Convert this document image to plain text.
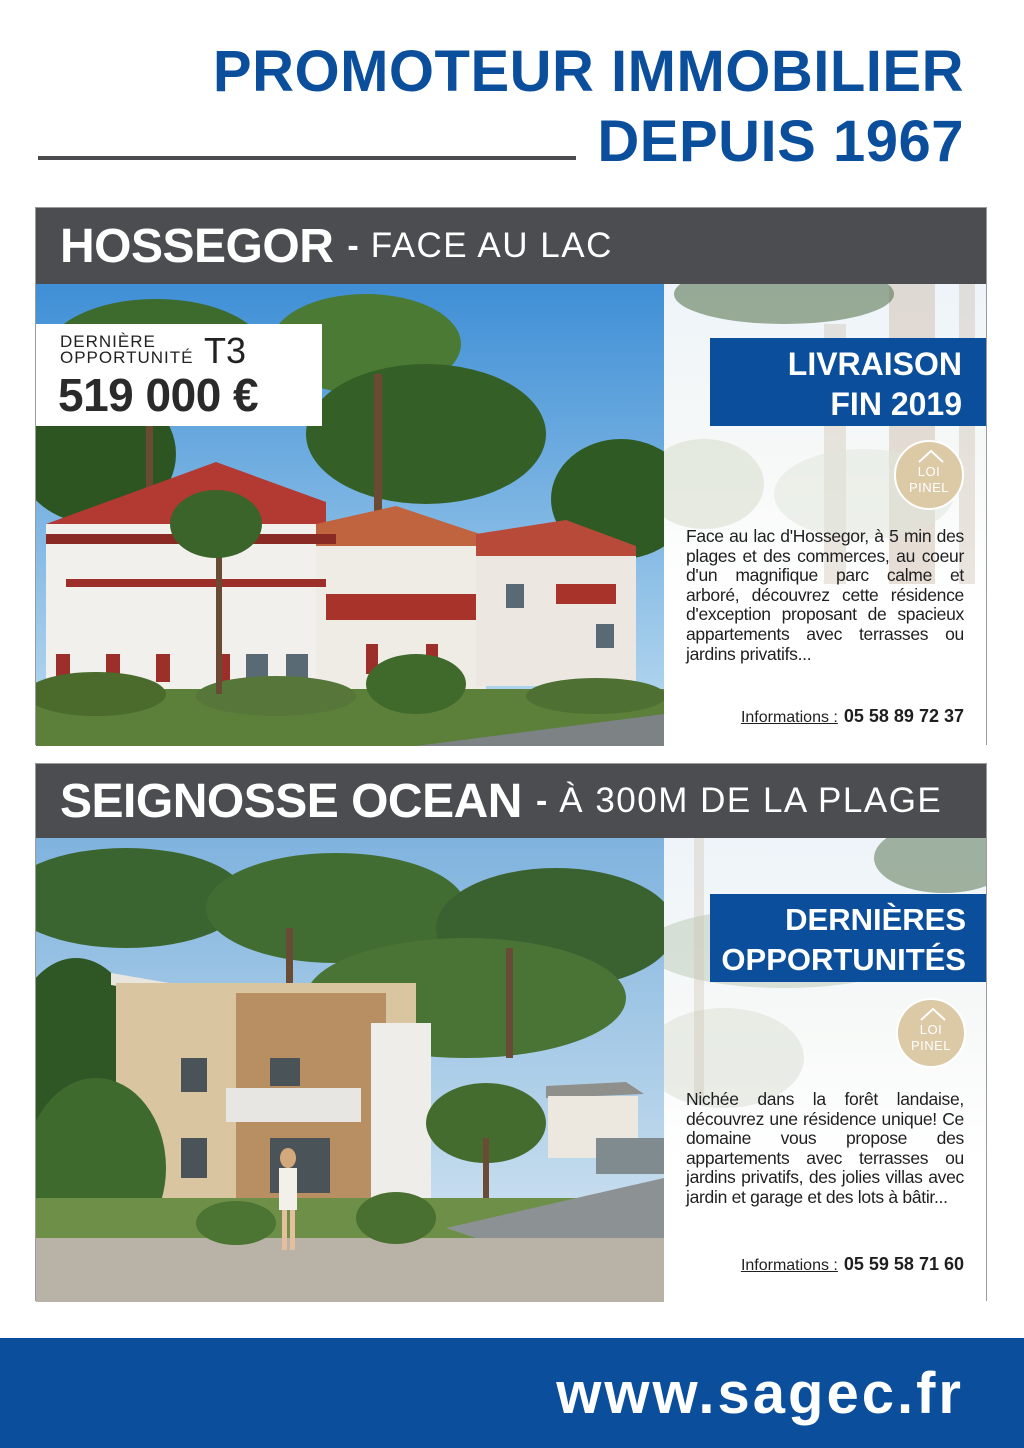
PROMOTEUR IMMOBILIER
DEPUIS 1967
HOSSEGOR - FACE AU LAC
DERNIÈRE
OPPORTUNITÉ T3
519 000 €
LIVRAISON
FIN 2019
LOI
PINEL

Face au lac d'Hossegor, à 5 min des plages et des commerces, au coeur d'un magnifique parc calme et arboré, découvrez cette résidence d'exception proposant de spacieux appartements avec terrasses ou jardins privatifs...

Informations : 05 58 89 72 37
SEIGNOSSE OCEAN - À 300M DE LA PLAGE
DERNIÈRES
OPPORTUNITÉS
LOI
PINEL

Nichée dans la forêt landaise, découvrez une résidence unique! Ce domaine vous propose des appartements avec terrasses ou jardins privatifs, des jolies villas avec jardin et garage et des lots à bâtir...

Informations : 05 59 58 71 60
www.sagec.fr
